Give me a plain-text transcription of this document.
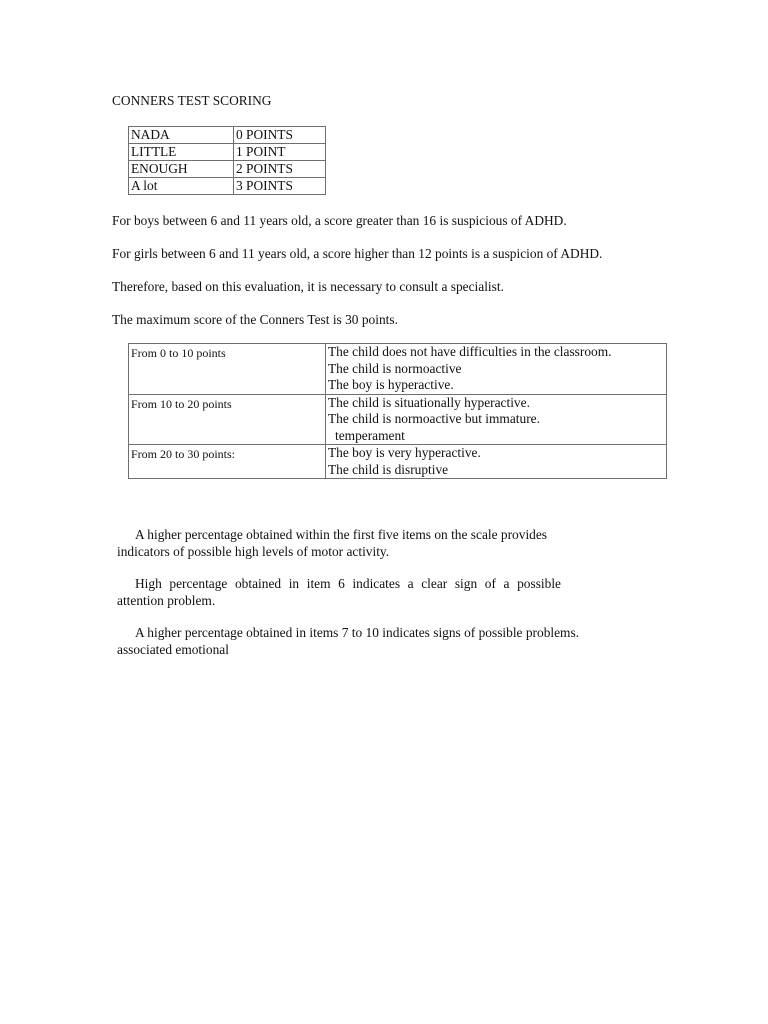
CONNERS TEST SCORING
NADA	0 POINTS
LITTLE	1 POINT
ENOUGH	2 POINTS
A lot	3 POINTS
For boys between 6 and 11 years old, a score greater than 16 is suspicious of ADHD.
For girls between 6 and 11 years old, a score higher than 12 points is a suspicion of ADHD.
Therefore, based on this evaluation, it is necessary to consult a specialist.
The maximum score of the Conners Test is 30 points.
From 0 to 10 points	The child does not have difficulties in the classroom.
The child is normoactive
The boy is hyperactive.

From 10 to 20 points	The child is situationally hyperactive.
The child is normoactive but immature.
temperament

From 20 to 30 points:	The boy is very hyperactive.
The child is disruptive
A higher percentage obtained within the first five items on the scale provides
indicators of possible high levels of motor activity.
High percentage obtained in item 6 indicates a clear sign of a possible
attention problem.
A higher percentage obtained in items 7 to 10 indicates signs of possible problems.
associated emotional
